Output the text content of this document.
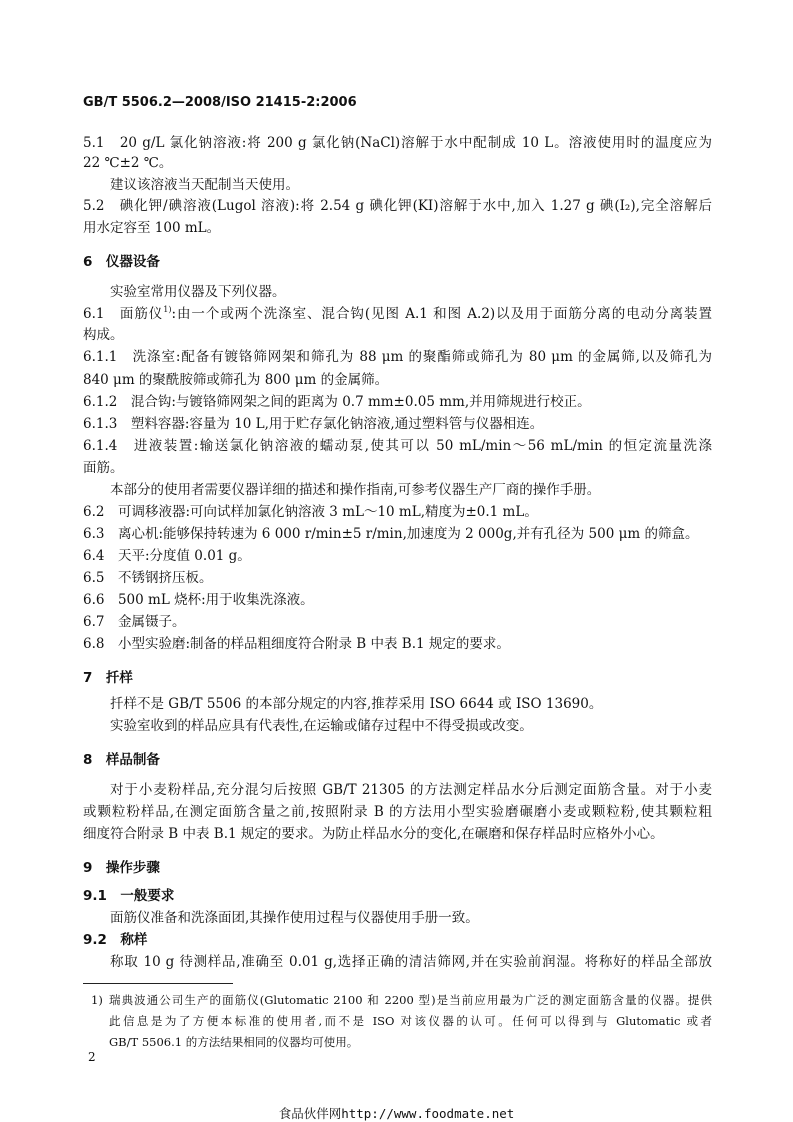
GB/T 5506.2—2008/ISO 21415-2:2006
5.1　20 g/L 氯化钠溶液:将 200 g 氯化钠(NaCl)溶解于水中配制成 10 L。溶液使用时的温度应为
22 ℃±2 ℃。
建议该溶液当天配制当天使用。
5.2　碘化钾/碘溶液(Lugol 溶液):将 2.54 g 碘化钾(KI)溶解于水中,加入 1.27 g 碘(I₂),完全溶解后
用水定容至 100 mL。
6　仪器设备
实验室常用仪器及下列仪器。
6.1　面筋仪$^{1)}$:由一个或两个洗涤室、混合钩(见图 A.1 和图 A.2)以及用于面筋分离的电动分离装置
构成。
6.1.1　洗涤室:配备有镀铬筛网架和筛孔为 88 μm 的聚酯筛或筛孔为 80 μm 的金属筛,以及筛孔为
840 μm 的聚酰胺筛或筛孔为 800 μm 的金属筛。
6.1.2　混合钩:与镀铬筛网架之间的距离为 0.7 mm±0.05 mm,并用筛规进行校正。
6.1.3　塑料容器:容量为 10 L,用于贮存氯化钠溶液,通过塑料管与仪器相连。
6.1.4　进液装置:输送氯化钠溶液的蠕动泵,使其可以 50 mL/min～56 mL/min 的恒定流量洗涤
面筋。
本部分的使用者需要仪器详细的描述和操作指南,可参考仪器生产厂商的操作手册。
6.2　可调移液器:可向试样加氯化钠溶液 3 mL～10 mL,精度为±0.1 mL。
6.3　离心机:能够保持转速为 6 000 r/min±5 r/min,加速度为 2 000g,并有孔径为 500 μm 的筛盒。
6.4　天平:分度值 0.01 g。
6.5　不锈钢挤压板。
6.6　500 mL 烧杯:用于收集洗涤液。
6.7　金属镊子。
6.8　小型实验磨:制备的样品粗细度符合附录 B 中表 B.1 规定的要求。
7　扦样
扦样不是 GB/T 5506 的本部分规定的内容,推荐采用 ISO 6644 或 ISO 13690。
实验室收到的样品应具有代表性,在运输或储存过程中不得受损或改变。
8　样品制备
对于小麦粉样品,充分混匀后按照 GB/T 21305 的方法测定样品水分后测定面筋含量。对于小麦
或颗粒粉样品,在测定面筋含量之前,按照附录 B 的方法用小型实验磨碾磨小麦或颗粒粉,使其颗粒粗
细度符合附录 B 中表 B.1 规定的要求。为防止样品水分的变化,在碾磨和保存样品时应格外小心。
9　操作步骤
9.1　一般要求
面筋仪准备和洗涤面团,其操作使用过程与仪器使用手册一致。
9.2　称样
称取 10 g 待测样品,准确至 0.01 g,选择正确的清洁筛网,并在实验前润湿。将称好的样品全部放
1) 瑞典波通公司生产的面筋仪(Glutomatic 2100 和 2200 型)是当前应用最为广泛的测定面筋含量的仪器。提供
此信息是为了方便本标准的使用者,而不是 ISO 对该仪器的认可。任何可以得到与 Glutomatic 或者
GB/T 5506.1 的方法结果相同的仪器均可使用。
2
食品伙伴网http://www.foodmate.net
